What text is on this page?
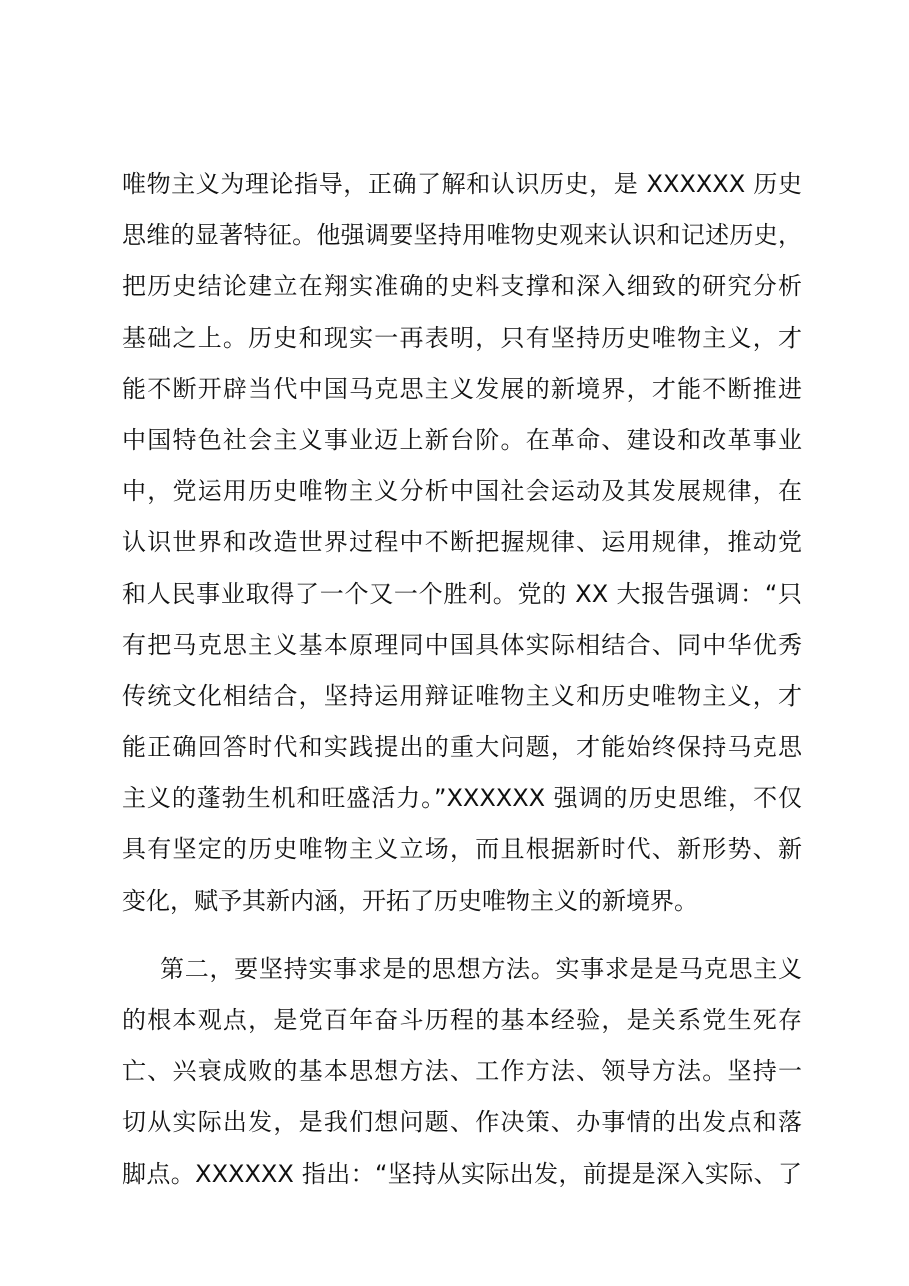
唯物主义为理论指导，正确了解和认识历史，是 XXXXXX 历史
思维的显著特征。他强调要坚持用唯物史观来认识和记述历史，
把历史结论建立在翔实准确的史料支撑和深入细致的研究分析
基础之上。历史和现实一再表明，只有坚持历史唯物主义，才
能不断开辟当代中国马克思主义发展的新境界，才能不断推进
中国特色社会主义事业迈上新台阶。在革命、建设和改革事业
中，党运用历史唯物主义分析中国社会运动及其发展规律，在
认识世界和改造世界过程中不断把握规律、运用规律，推动党
和人民事业取得了一个又一个胜利。党的 XX 大报告强调：“只
有把马克思主义基本原理同中国具体实际相结合、同中华优秀
传统文化相结合，坚持运用辩证唯物主义和历史唯物主义，才
能正确回答时代和实践提出的重大问题，才能始终保持马克思
主义的蓬勃生机和旺盛活力。”XXXXXX 强调的历史思维，不仅
具有坚定的历史唯物主义立场，而且根据新时代、新形势、新
变化，赋予其新内涵，开拓了历史唯物主义的新境界。
第二，要坚持实事求是的思想方法。实事求是是马克思主义
的根本观点，是党百年奋斗历程的基本经验，是关系党生死存
亡、兴衰成败的基本思想方法、工作方法、领导方法。坚持一
切从实际出发，是我们想问题、作决策、办事情的出发点和落
脚点。XXXXXX 指出：“坚持从实际出发，前提是深入实际、了
